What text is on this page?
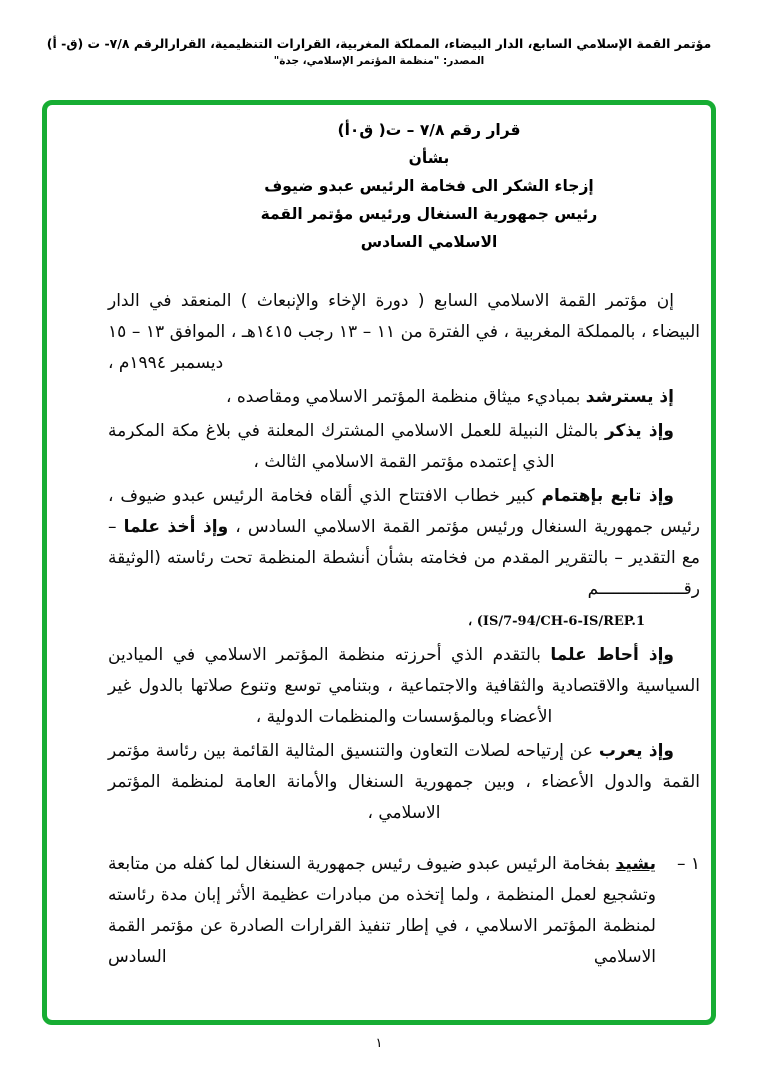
مؤتمر القمة الإسلامي السابع، الدار البيضاء، المملكة المغربية، القرارات التنظيمية، القرارالرقم ٧/٨- ت (ق- أ)
المصدر: "منظمة المؤتمر الإسلامي، جدة"
قرار رقم ٧/٨ – ت( ق٠أ)
بشأن
إزجاء الشكر الى فخامة الرئيس عبدو ضيوف
رئيس جمهورية السنغال ورئيس مؤتمر القمة
الاسلامي السادس

إن مؤتمر القمة الاسلامي السابع ( دورة الإخاء والإنبعاث ) المنعقد في الدار البيضاء ، بالمملكة المغربية ، في الفترة من ١١ – ١٣ رجب ١٤١٥هـ ، الموافق ١٣ – ١٥ ديسمبر ١٩٩٤م ،

إذ يسترشد بمباديء ميثاق منظمة المؤتمر الاسلامي ومقاصده ،

وإذ يذكر بالمثل النبيلة للعمل الاسلامي المشترك المعلنة في بلاغ مكة المكرمة الذي إعتمده مؤتمر القمة الاسلامي الثالث ،

وإذ تابع بإهتمام كبير خطاب الافتتاح الذي ألقاه فخامة الرئيس عبدو ضيوف ، رئيس جمهورية السنغال ورئيس مؤتمر القمة الاسلامي السادس ، وإذ أخذ علما – مع التقدير – بالتقرير المقدم من فخامته بشأن أنشطة المنظمة تحت رئاسته (الوثيقة رقـــــــــــــــــم

، (IS/7-94/CH-6-IS/REP.1

وإذ أحاط علما بالتقدم الذي أحرزته منظمة المؤتمر الاسلامي في الميادين السياسية والاقتصادية والثقافية والاجتماعية ، وبتنامي توسع وتنوع صلاتها بالدول غير الأعضاء وبالمؤسسات والمنظمات الدولية ،

وإذ يعرب عن إرتياحه لصلات التعاون والتنسيق المثالية القائمة بين رئاسة مؤتمر القمة والدول الأعضاء ، وبين جمهورية السنغال والأمانة العامة لمنظمة المؤتمر الاسلامي ،

١ –

يشيد بفخامة الرئيس عبدو ضيوف رئيس جمهورية السنغال لما كفله من متابعة وتشجيع لعمل المنظمة ، ولما إتخذه من مبادرات عظيمة الأثر إبان مدة رئاسته لمنظمة المؤتمر الاسلامي ، في إطار تنفيذ القرارات الصادرة عن مؤتمر القمة الاسلامي السادس

١
